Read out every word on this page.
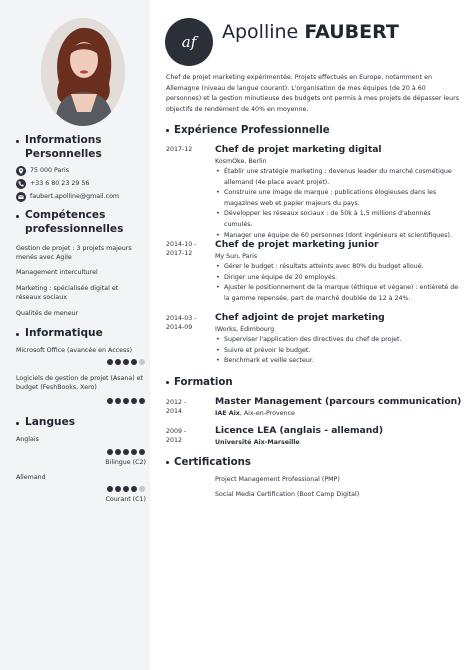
Informations Personnelles
75 000 Paris
+33 6 80 23 29 56
faubert.apolline@gmail.com
Compétences professionnelles
Gestion de projet : 3 projets majeurs menés avec Agile
Management interculturel
Marketing : spécialisée digital et réseaux sociaux
Qualités de meneur
Informatique
Microsoft Office (avancée en Access)
Logiciels de gestion de projet (Asana) et budget (FeshBooks, Xero)
Langues
Anglais
Bilingue (C2)
Allemand
Courant (C1)
af	Apolline FAUBERT
Chef de projet marketing expérimentée. Projets effectués en Europe, notamment en Allemagne (niveau de langue courant). L'organisation de mes équipes (de 20 à 60 personnes) et la gestion minutieuse des budgets ont permis à mes projets de dépasser leurs objectifs de rendement de 40% en moyenne.
Expérience Professionnelle
2017-12	Chef de projet marketing digital
KosmOke, Berlin
• Établir une stratégie marketing : devenus leader du marché cosmétique allemand (4e place avant projet).
• Construire une image de marque : publications élogieuses dans les magazines web et papier majeurs du pays.
• Développer les réseaux sociaux : de 50k à 1,5 millions d'abonnés cumulés.
• Manager une équipe de 60 personnes (dont ingénieurs et scientifiques).
2014-10 - 2017-12
Chef de projet marketing junior
My Sun, Paris
• Gérer le budget : résultats atteints avec 80% du budget alloué.
• Diriger une équipe de 20 employés.
• Ajuster le positionnement de la marque (éthique et végane) : entièreté de la gamme repensée, part de marché doublée de 12 à 24%.
2014-03 - 2014-09
Chef adjoint de projet marketing
IWorks, Édimbourg
• Superviser l'application des directives du chef de projet.
• Suivre et prévoir le budget.
• Benchmark et veille secteur.
Formation
2012 - 2014
Master Management (parcours communication)
IAE Aix, Aix-en-Provence
2009 - 2012
Licence LEA (anglais - allemand)
Université Aix-Marseille
Certifications
Project Management Professional (PMP)
Social Media Certification (Boot Camp Digital)
